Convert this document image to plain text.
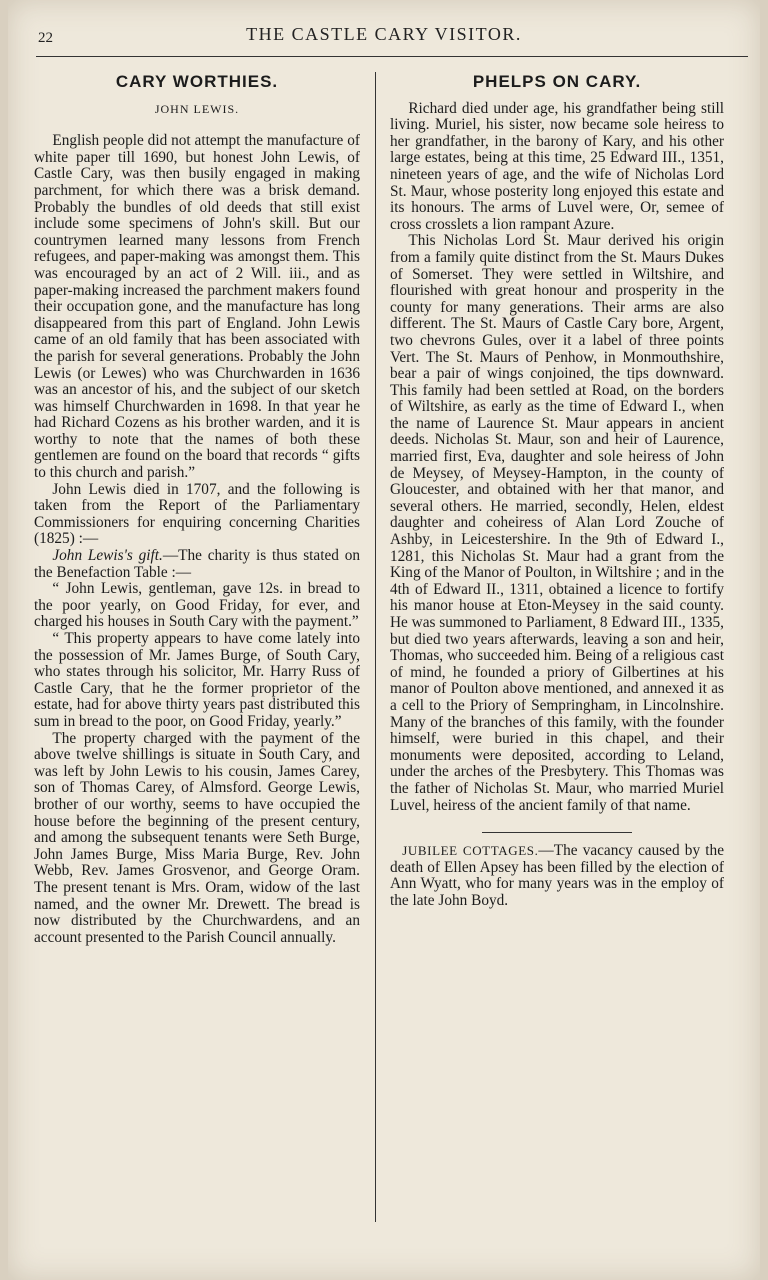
22	THE CASTLE CARY VISITOR.
CARY WORTHIES.
JOHN LEWIS.

English people did not attempt the manufacture of white paper till 1690, but honest John Lewis, of Castle Cary, was then busily engaged in making parchment, for which there was a brisk demand. Probably the bundles of old deeds that still exist include some specimens of John's skill. But our countrymen learned many lessons from French refugees, and paper-making was amongst them. This was encouraged by an act of 2 Will. iii., and as paper-making increased the parchment makers found their occupation gone, and the manufacture has long disappeared from this part of England. John Lewis came of an old family that has been associated with the parish for several generations. Probably the John Lewis (or Lewes) who was Churchwarden in 1636 was an ancestor of his, and the subject of our sketch was himself Churchwarden in 1698. In that year he had Richard Cozens as his brother warden, and it is worthy to note that the names of both these gentlemen are found on the board that records “ gifts to this church and parish.”

John Lewis died in 1707, and the following is taken from the Report of the Parliamentary Commissioners for enquiring concerning Charities (1825) :—

John Lewis's gift.—The charity is thus stated on the Benefaction Table :—

“ John Lewis, gentleman, gave 12s. in bread to the poor yearly, on Good Friday, for ever, and charged his houses in South Cary with the payment.”

“ This property appears to have come lately into the possession of Mr. James Burge, of South Cary, who states through his solicitor, Mr. Harry Russ of Castle Cary, that he the former proprietor of the estate, had for above thirty years past distributed this sum in bread to the poor, on Good Friday, yearly.”

The property charged with the payment of the above twelve shillings is situate in South Cary, and was left by John Lewis to his cousin, James Carey, son of Thomas Carey, of Almsford. George Lewis, brother of our worthy, seems to have occupied the house before the beginning of the present century, and among the subsequent tenants were Seth Burge, John James Burge, Miss Maria Burge, Rev. John Webb, Rev. James Grosvenor, and George Oram. The present tenant is Mrs. Oram, widow of the last named, and the owner Mr. Drewett. The bread is now distributed by the Churchwardens, and an account presented to the Parish Council annually.

PHELPS ON CARY.

Richard died under age, his grandfather being still living. Muriel, his sister, now became sole heiress to her grandfather, in the barony of Kary, and his other large estates, being at this time, 25 Edward III., 1351, nineteen years of age, and the wife of Nicholas Lord St. Maur, whose posterity long enjoyed this estate and its honours. The arms of Luvel were, Or, semee of cross crosslets a lion rampant Azure.

This Nicholas Lord St. Maur derived his origin from a family quite distinct from the St. Maurs Dukes of Somerset. They were settled in Wiltshire, and flourished with great honour and prosperity in the county for many generations. Their arms are also different. The St. Maurs of Castle Cary bore, Argent, two chevrons Gules, over it a label of three points Vert. The St. Maurs of Penhow, in Monmouthshire, bear a pair of wings conjoined, the tips downward. This family had been settled at Road, on the borders of Wiltshire, as early as the time of Edward I., when the name of Laurence St. Maur appears in ancient deeds. Nicholas St. Maur, son and heir of Laurence, married first, Eva, daughter and sole heiress of John de Meysey, of Meysey-Hampton, in the county of Gloucester, and obtained with her that manor, and several others. He married, secondly, Helen, eldest daughter and coheiress of Alan Lord Zouche of Ashby, in Leicestershire. In the 9th of Edward I., 1281, this Nicholas St. Maur had a grant from the King of the Manor of Poulton, in Wiltshire ; and in the 4th of Edward II., 1311, obtained a licence to fortify his manor house at Eton-Meysey in the said county. He was summoned to Parliament, 8 Edward III., 1335, but died two years afterwards, leaving a son and heir, Thomas, who succeeded him. Being of a religious cast of mind, he founded a priory of Gilbertines at his manor of Poulton above mentioned, and annexed it as a cell to the Priory of Sempringham, in Lincolnshire. Many of the branches of this family, with the founder himself, were buried in this chapel, and their monuments were deposited, according to Leland, under the arches of the Presbytery. This Thomas was the father of Nicholas St. Maur, who married Muriel Luvel, heiress of the ancient family of that name.

JUBILEE COTTAGES.—The vacancy caused by the death of Ellen Apsey has been filled by the election of Ann Wyatt, who for many years was in the employ of the late John Boyd.
